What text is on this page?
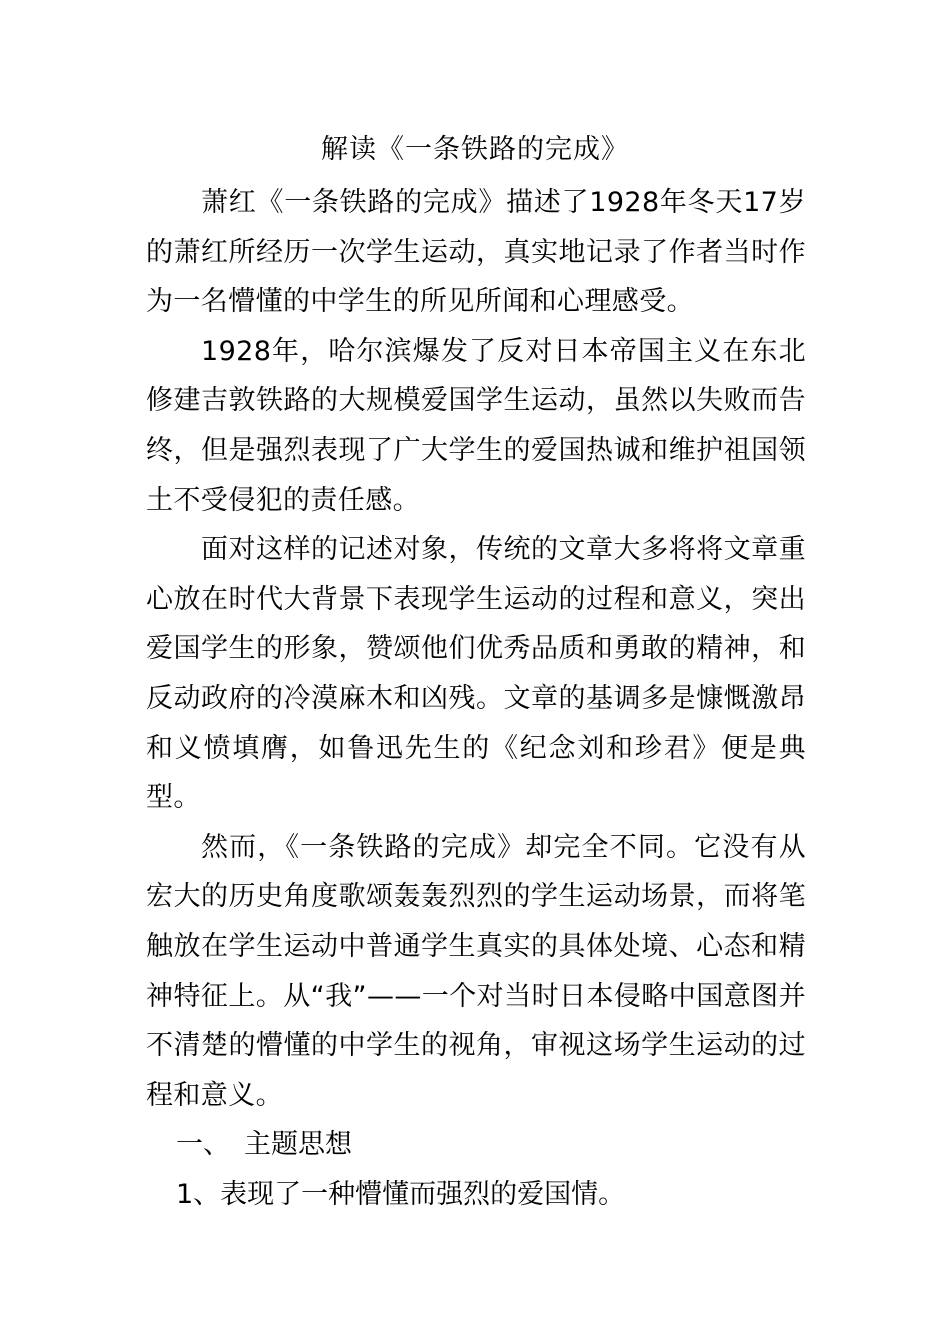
解读《一条铁路的完成》

萧红《一条铁路的完成》描述了1928年冬天17岁的萧红所经历一次学生运动，真实地记录了作者当时作为一名懵懂的中学生的所见所闻和心理感受。

1928年，哈尔滨爆发了反对日本帝国主义在东北修建吉敦铁路的大规模爱国学生运动，虽然以失败而告终，但是强烈表现了广大学生的爱国热诚和维护祖国领土不受侵犯的责任感。

面对这样的记述对象，传统的文章大多将将文章重心放在时代大背景下表现学生运动的过程和意义，突出爱国学生的形象，赞颂他们优秀品质和勇敢的精神，和反动政府的冷漠麻木和凶残。文章的基调多是慷慨激昂和义愤填膺，如鲁迅先生的《纪念刘和珍君》便是典型。

然而，《一条铁路的完成》却完全不同。它没有从宏大的历史角度歌颂轰轰烈烈的学生运动场景，而将笔触放在学生运动中普通学生真实的具体处境、心态和精神特征上。从“我”——一个对当时日本侵略中国意图并不清楚的懵懂的中学生的视角，审视这场学生运动的过程和意义。

一、 主题思想

1、表现了一种懵懂而强烈的爱国情。
